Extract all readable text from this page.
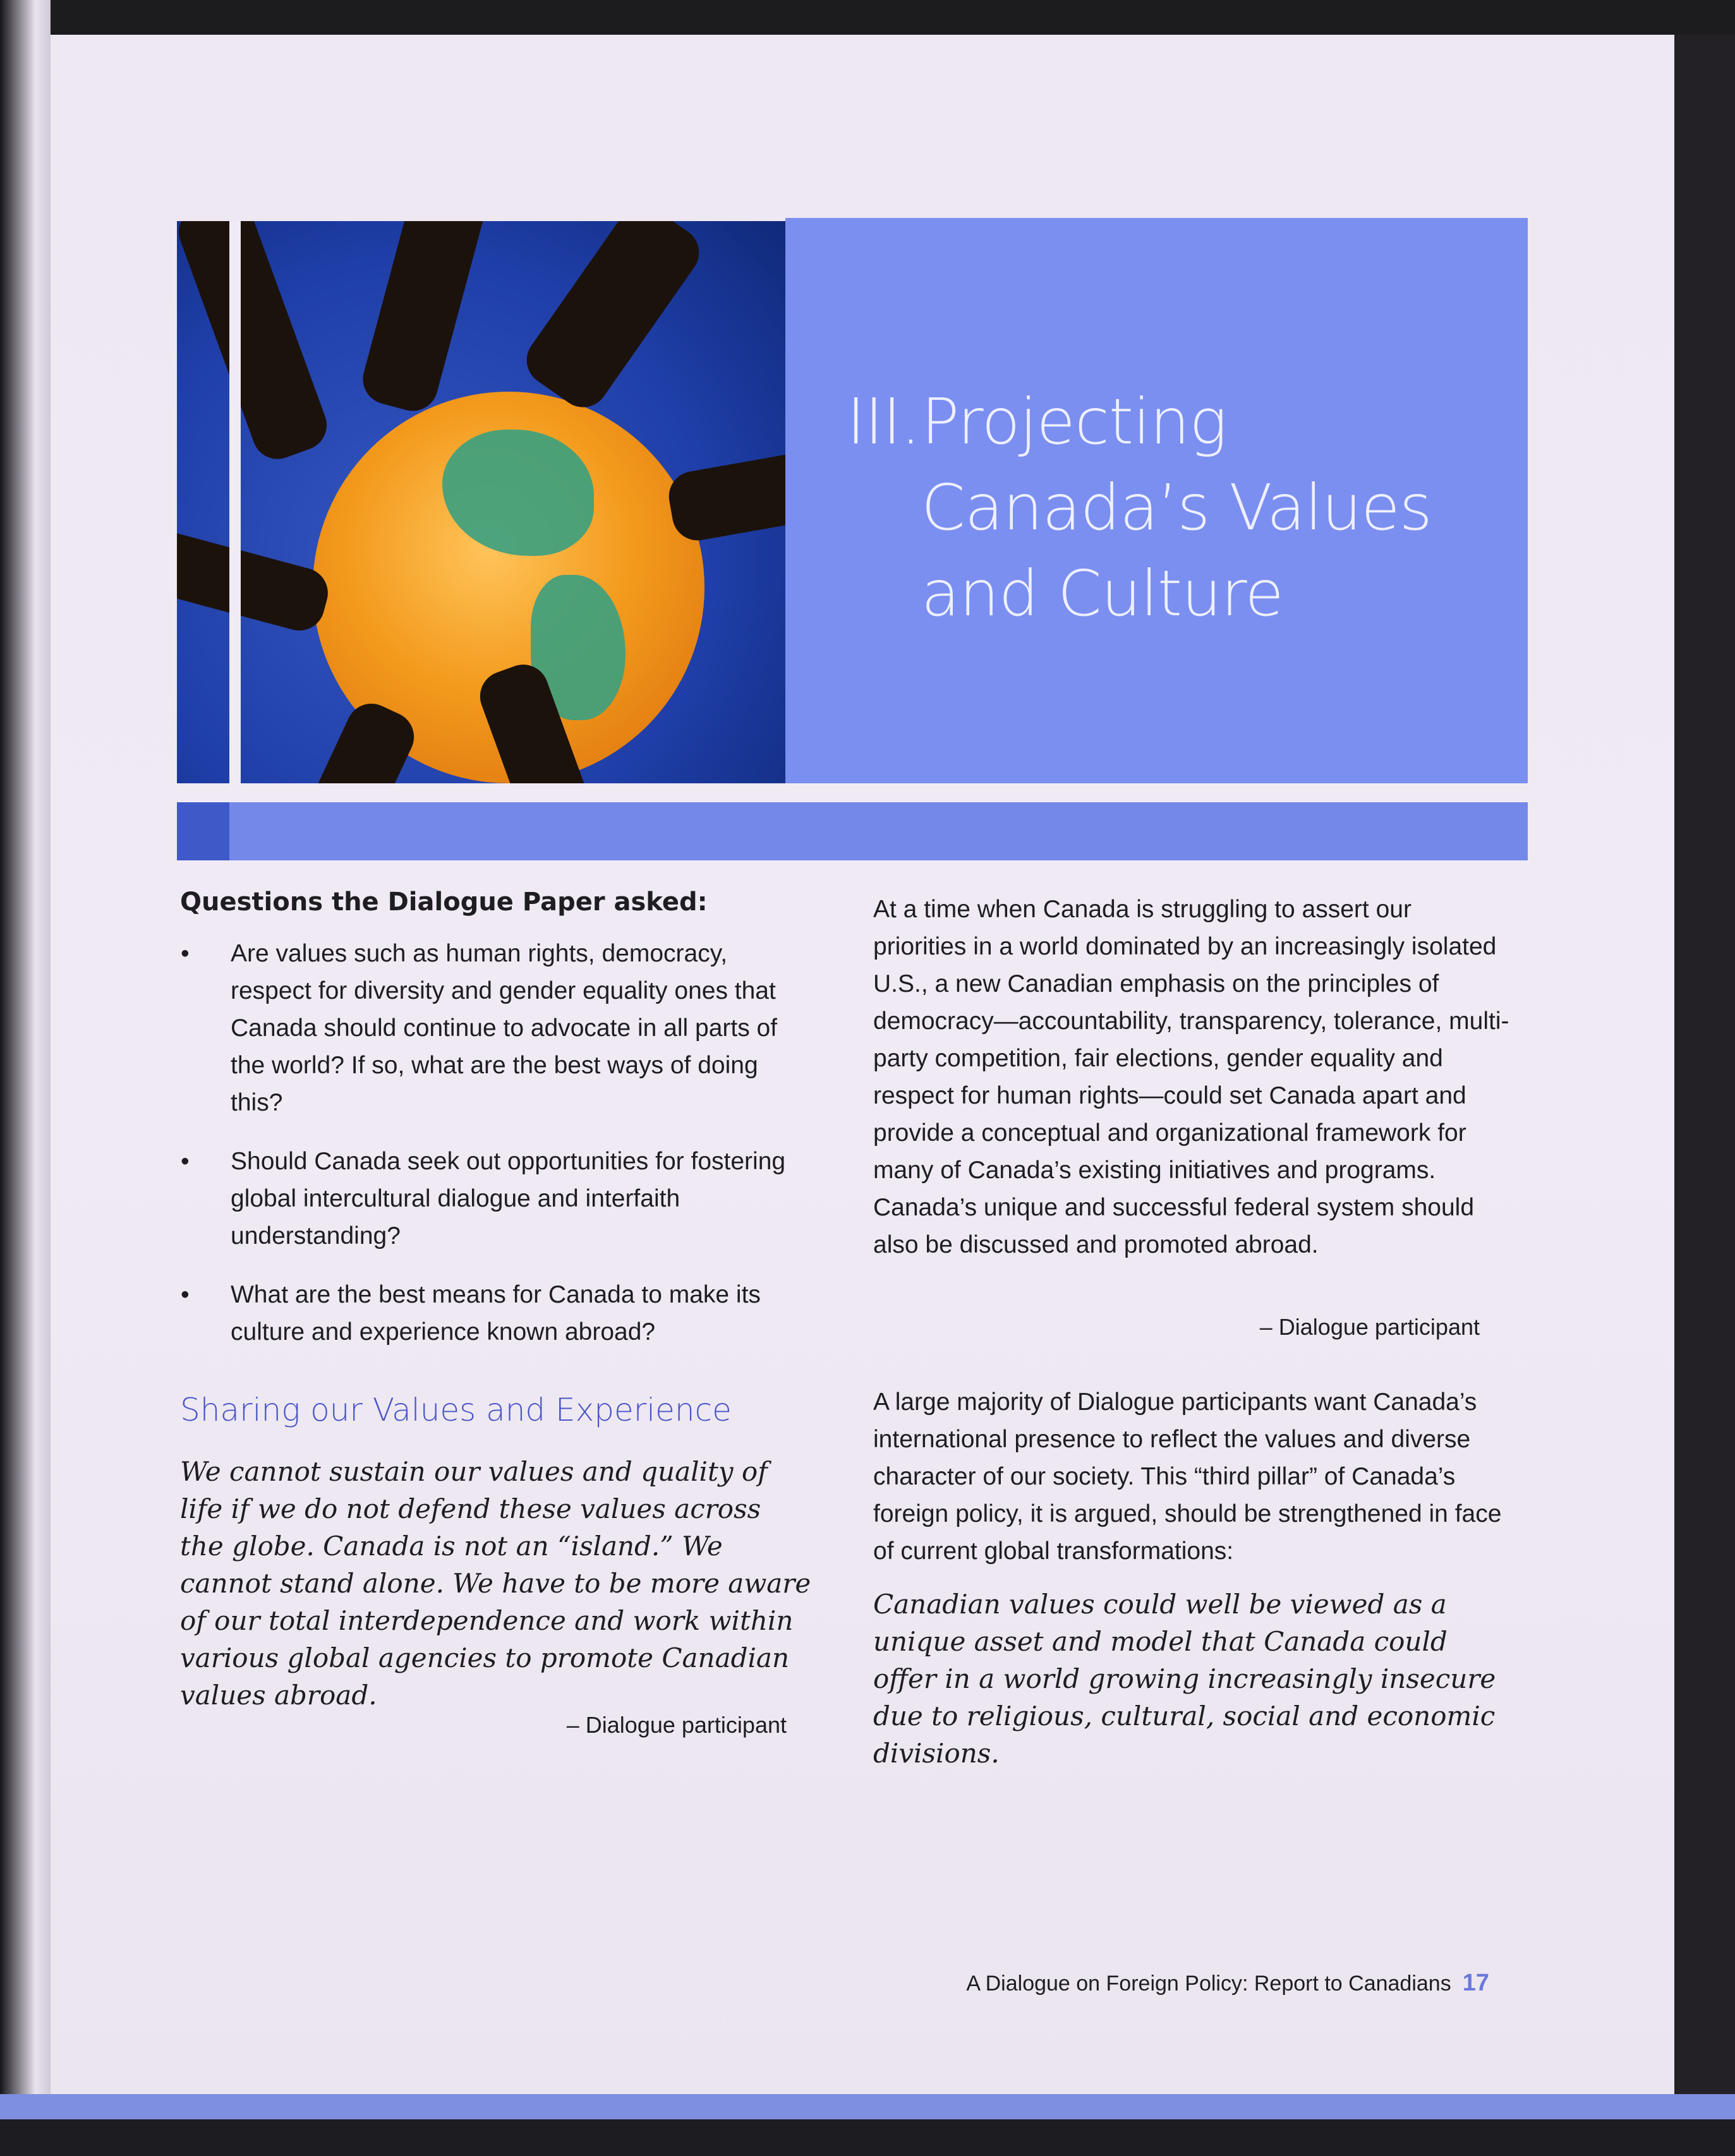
III.Projecting
Canada’s Values
and Culture
Questions the Dialogue Paper asked:
• Are values such as human rights, democracy, respect for diversity and gender equality ones that Canada should continue to advocate in all parts of the world? If so, what are the best ways of doing this?
• Should Canada seek out opportunities for fostering global intercultural dialogue and interfaith understanding?
• What are the best means for Canada to make its culture and experience known abroad?
Sharing our Values and Experience
We cannot sustain our values and quality of life if we do not defend these values across the globe. Canada is not an “island.” We cannot stand alone. We have to be more aware of our total interdependence and work within various global agencies to promote Canadian values abroad.
– Dialogue participant
At a time when Canada is struggling to assert our priorities in a world dominated by an increasingly isolated U.S., a new Canadian emphasis on the principles of democracy—accountability, transparency, tolerance, multi-party competition, fair elections, gender equality and respect for human rights—could set Canada apart and provide a conceptual and organizational framework for many of Canada’s existing initiatives and programs. Canada’s unique and successful federal system should also be discussed and promoted abroad.
– Dialogue participant
A large majority of Dialogue participants want Canada’s international presence to reflect the values and diverse character of our society. This “third pillar” of Canada’s foreign policy, it is argued, should be strengthened in face of current global transformations:
Canadian values could well be viewed as a unique asset and model that Canada could offer in a world growing increasingly insecure due to religious, cultural, social and economic divisions.
A Dialogue on Foreign Policy: Report to Canadians 17
